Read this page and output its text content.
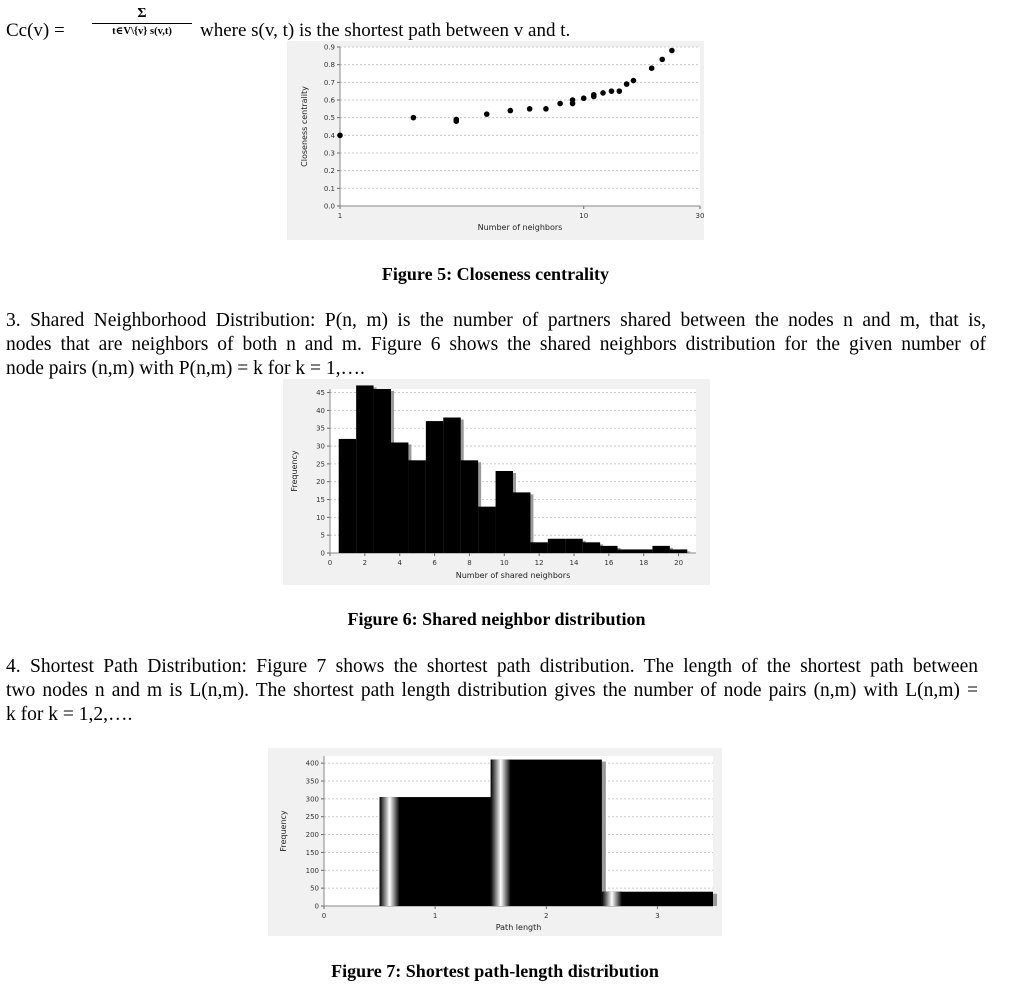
Cc(v) =
Σ
t∈V\{v} s(v,t)	where s(v, t) is the shortest path between v and t.
0.0
0.1
0.2
0.3
0.4
0.5
0.6
0.7
0.8
0.9
1	10	30
Number of neighbors
Closeness centrality
Figure 5: Closeness centrality

3. Shared Neighborhood Distribution: P(n, m) is the number of partners shared between the nodes n and m, that is,

nodes that are neighbors of both n and m. Figure 6 shows the shared neighbors distribution for the given number of

node pairs (n,m) with P(n,m) = k for k = 1,….

0
5
10
15
20
25
30
35
40
45
0	2	4	6	8	10	12	14	16	18	20
Number of shared neighbors
Frequency
Figure 6: Shared neighbor distribution

4. Shortest Path Distribution: Figure 7 shows the shortest path distribution. The length of the shortest path between

two nodes n and m is L(n,m). The shortest path length distribution gives the number of node pairs (n,m) with L(n,m) =

k for k = 1,2,….

0
50
100
150
200
250
300
350
400
0	1	2	3
Path length
Frequency
Figure 7: Shortest path-length distribution
